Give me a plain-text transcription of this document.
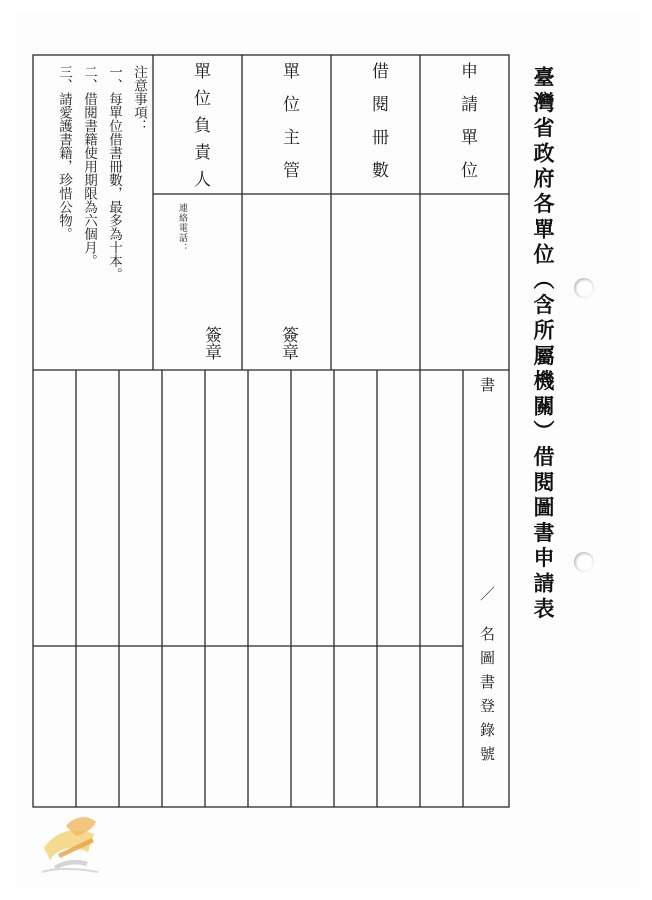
臺灣省政府各單位（含所屬機關）借閱圖書申請表
申請單位
借閱冊數
單位主管
單位負責人
連絡電話：
簽章	簽章
注意事項：
一、每單位借書冊數，最多為十本。
二、借閱書籍使用期限為六個月。
三、請愛護書籍，珍惜公物。
書
／
名圖書登錄號
